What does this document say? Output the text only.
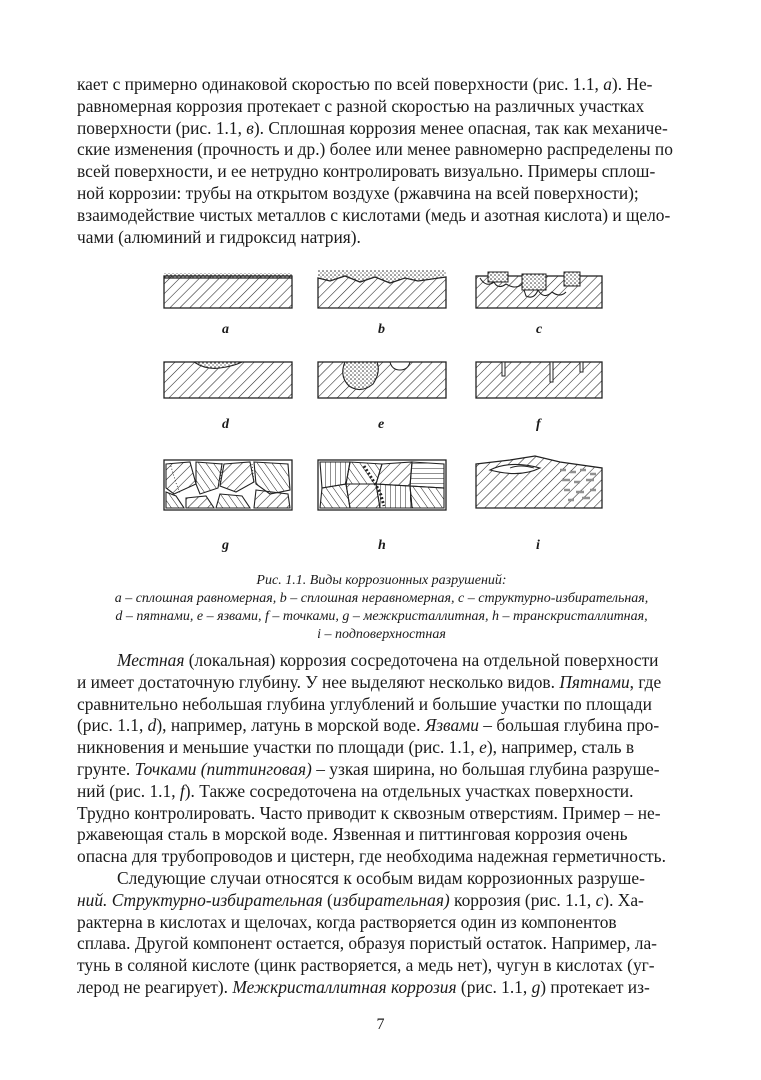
кает с примерно одинаковой скоростью по всей поверхности (рис. 1.1, а). Не-

равномерная коррозия протекает с разной скоростью на различных участках

поверхности (рис. 1.1, в). Сплошная коррозия менее опасная, так как механиче-

ские изменения (прочность и др.) более или менее равномерно распределены по

всей поверхности, и ее нетрудно контролировать визуально. Примеры сплош-

ной коррозии: трубы на открытом воздухе (ржавчина на всей поверхности);

взаимодействие чистых металлов с кислотами (медь и азотная кислота) и щело-

чами (алюминий и гидроксид натрия).

a	b	c
d	e	f
g	h	i
Рис. 1.1. Виды коррозионных разрушений:
a – сплошная равномерная, b – сплошная неравномерная, c – структурно-избирательная,
d – пятнами, e – язвами, f – точками, g – межкристаллитная, h – транскристаллитная,
i – подповерхностная

Местная (локальная) коррозия сосредоточена на отдельной поверхности

и имеет достаточную глубину. У нее выделяют несколько видов. Пятнами, где

сравнительно небольшая глубина углублений и большие участки по площади

(рис. 1.1, d), например, латунь в морской воде. Язвами – большая глубина про-

никновения и меньшие участки по площади (рис. 1.1, e), например, сталь в

грунте. Точками (питтинговая) – узкая ширина, но большая глубина разруше-

ний (рис. 1.1, f). Также сосредоточена на отдельных участках поверхности.

Трудно контролировать. Часто приводит к сквозным отверстиям. Пример – не-

ржавеющая сталь в морской воде. Язвенная и питтинговая коррозия очень

опасна для трубопроводов и цистерн, где необходима надежная герметичность.

Следующие случаи относятся к особым видам коррозионных разруше-

ний. Структурно-избирательная (избирательная) коррозия (рис. 1.1, c). Ха-

рактерна в кислотах и щелочах, когда растворяется один из компонентов

сплава. Другой компонент остается, образуя пористый остаток. Например, ла-

тунь в соляной кислоте (цинк растворяется, а медь нет), чугун в кислотах (уг-

лерод не реагирует). Межкристаллитная коррозия (рис. 1.1, g) протекает из-

7
